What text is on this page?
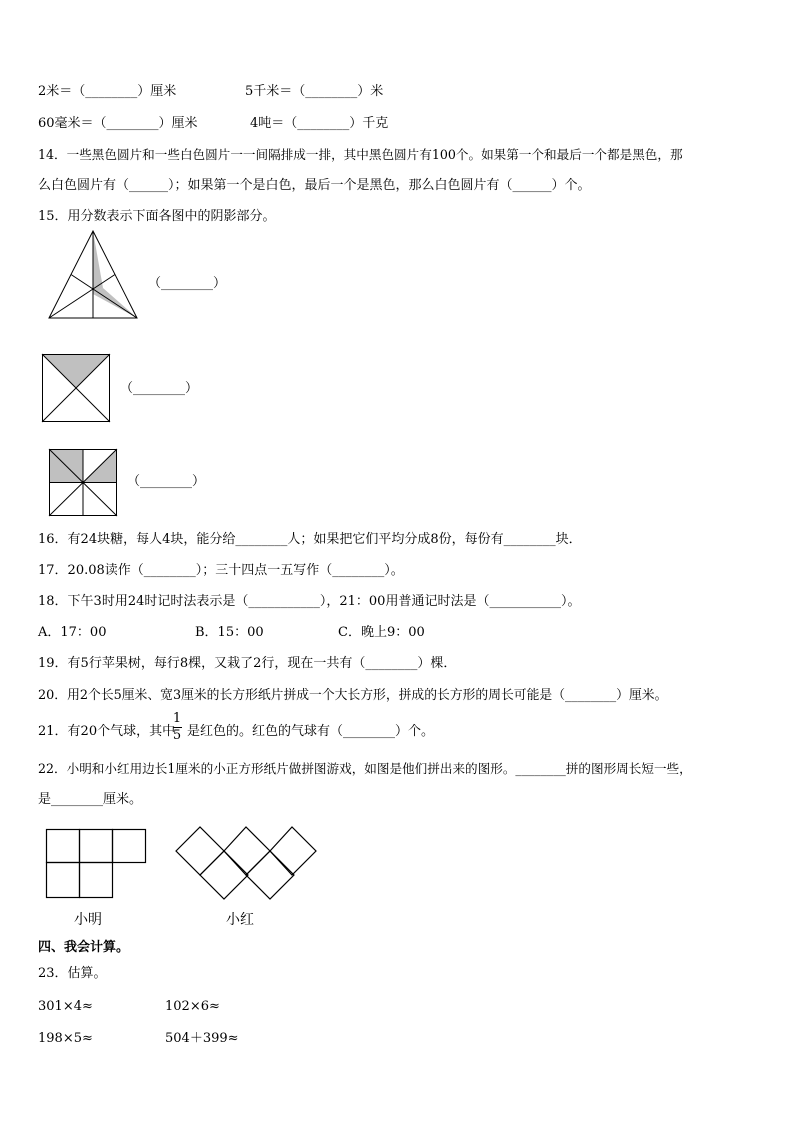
2米＝（________）厘米	5千米＝（________）米
60毫米＝（________）厘米	4吨＝（________）千克
14．一些黑色圆片和一些白色圆片一一间隔排成一排，其中黑色圆片有100个。如果第一个和最后一个都是黑色，那
么白色圆片有（______）；如果第一个是白色，最后一个是黑色，那么白色圆片有（______）个。
15．用分数表示下面各图中的阴影部分。
（________）
（________）
（________）
16．有24块糖，每人4块，能分给________人；如果把它们平均分成8份，每份有________块．
17．20.08读作（________）；三十四点一五写作（________）。
18．下午3时用24时记时法表示是（___________），21：00用普通记时法是（___________）。
A．17：00	B．15：00	C．晚上9：00
19．有5行苹果树，每行8棵，又栽了2行，现在一共有（________）棵．
20．用2个长5厘米、宽3厘米的长方形纸片拼成一个大长方形，拼成的长方形的周长可能是（________）厘米。
21．有20个气球，其中
1
5 是红色的。红色的气球有（________）个。
22．小明和小红用边长1厘米的小正方形纸片做拼图游戏，如图是他们拼出来的图形。________拼的图形周长短一些，
是________厘米。
小明	小红
四、我会计算。
23．估算。
301×4≈	102×6≈
198×5≈	504＋399≈
